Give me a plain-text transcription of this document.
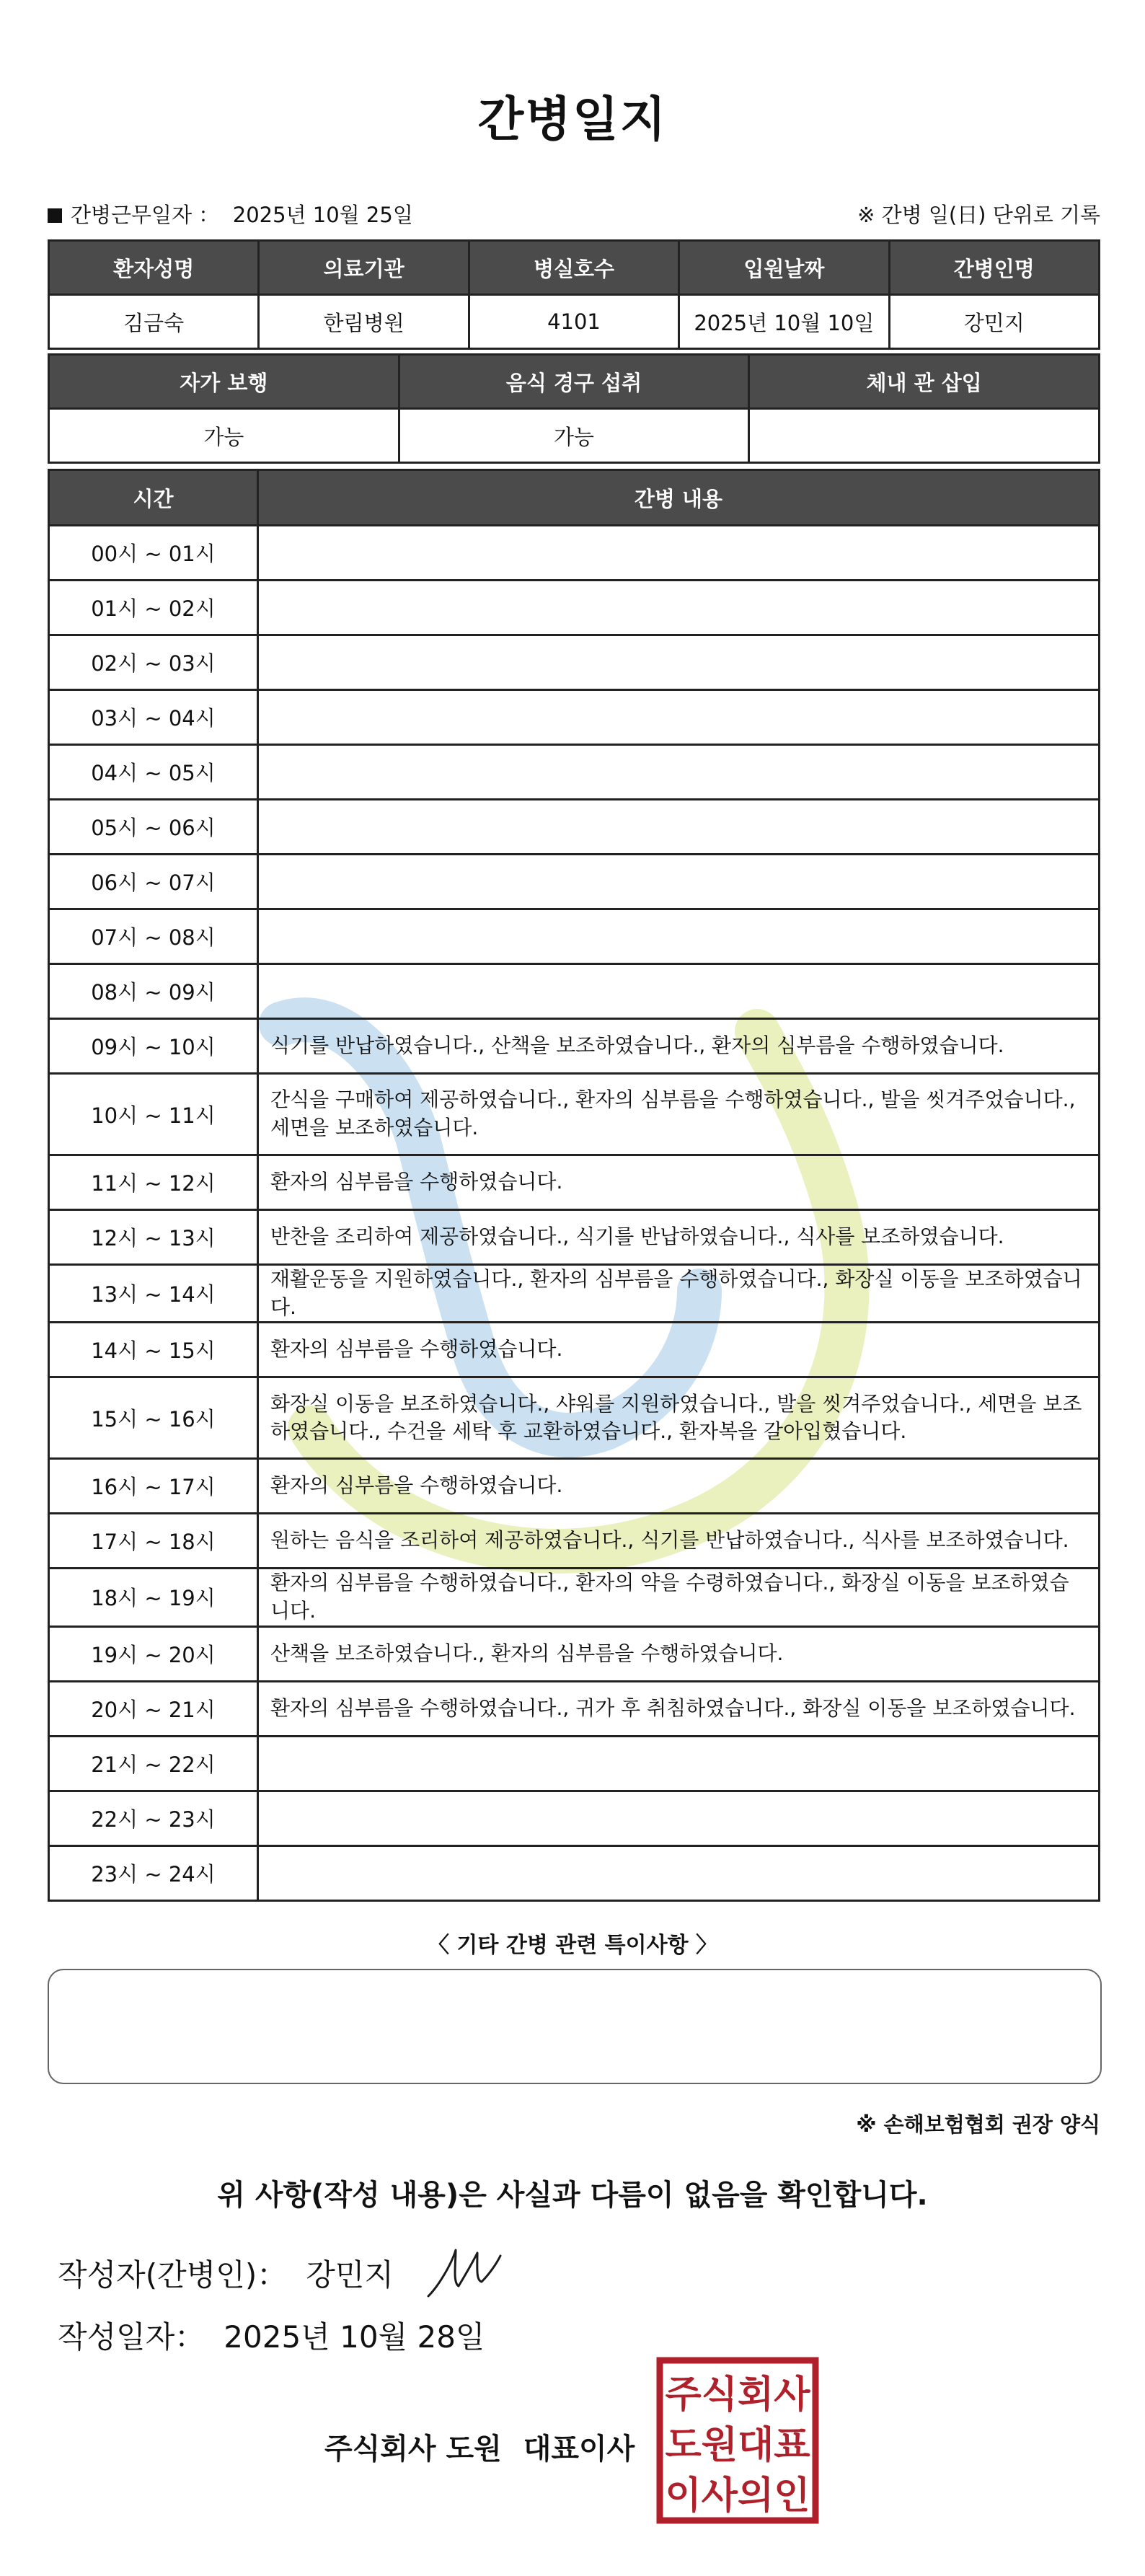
간병일지
간병근무일자 ： 2025년 10월 25일	※ 간병 일(日) 단위로 기록
환자성명	의료기관	병실호수	입원날짜	간병인명
김금숙	한림병원	4101	2025년 10월 10일	강민지
자가 보행	음식 경구 섭취	체내 관 삽입
가능	가능	
시간	간병 내용
00시 ~ 01시	
01시 ~ 02시	
02시 ~ 03시	
03시 ~ 04시	
04시 ~ 05시	
05시 ~ 06시	
06시 ~ 07시	
07시 ~ 08시	
08시 ~ 09시	
09시 ~ 10시	식기를 반납하였습니다., 산책을 보조하였습니다., 환자의 심부름을 수행하였습니다.
10시 ~ 11시	간식을 구매하여 제공하였습니다., 환자의 심부름을 수행하였습니다., 발을 씻겨주었습니다., 세면을 보조하였습니다.
11시 ~ 12시	환자의 심부름을 수행하였습니다.
12시 ~ 13시	반찬을 조리하여 제공하였습니다., 식기를 반납하였습니다., 식사를 보조하였습니다.
13시 ~ 14시	재활운동을 지원하였습니다., 환자의 심부름을 수행하였습니다., 화장실 이동을 보조하였습니다.
14시 ~ 15시	환자의 심부름을 수행하였습니다.
15시 ~ 16시	화장실 이동을 보조하였습니다., 샤워를 지원하였습니다., 발을 씻겨주었습니다., 세면을 보조하였습니다., 수건을 세탁 후 교환하였습니다., 환자복을 갈아입혔습니다.
16시 ~ 17시	환자의 심부름을 수행하였습니다.
17시 ~ 18시	원하는 음식을 조리하여 제공하였습니다., 식기를 반납하였습니다., 식사를 보조하였습니다.
18시 ~ 19시	환자의 심부름을 수행하였습니다., 환자의 약을 수령하였습니다., 화장실 이동을 보조하였습니다.
19시 ~ 20시	산책을 보조하였습니다., 환자의 심부름을 수행하였습니다.
20시 ~ 21시	환자의 심부름을 수행하였습니다., 귀가 후 취침하였습니다., 화장실 이동을 보조하였습니다.
21시 ~ 22시	
22시 ~ 23시	
23시 ~ 24시	
〈 기타 간병 관련 특이사항 〉
※ 손해보험협회 권장 양식
위 사항(작성 내용)은 사실과 다름이 없음을 확인합니다.
작성자(간병인)： 강민지
작성일자： 2025년 10월 28일
주식회사 도원 대표이사
주식회사
도원대표
이사의인
